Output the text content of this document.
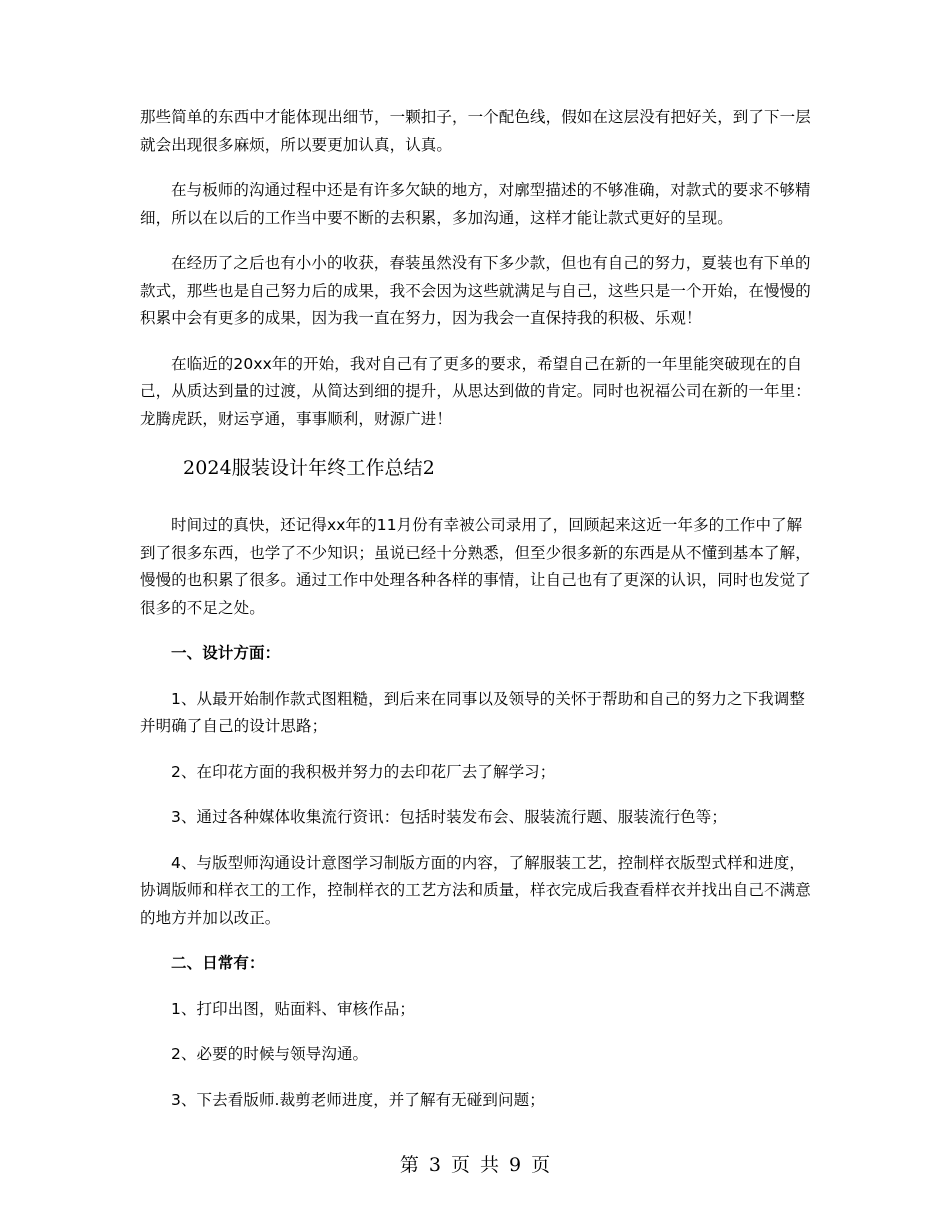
那些简单的东西中才能体现出细节，一颗扣子，一个配色线，假如在这层没有把好关，到了下一层就会出现很多麻烦，所以要更加认真，认真。

在与板师的沟通过程中还是有许多欠缺的地方，对廓型描述的不够准确，对款式的要求不够精细，所以在以后的工作当中要不断的去积累，多加沟通，这样才能让款式更好的呈现。

在经历了之后也有小小的收获，春装虽然没有下多少款，但也有自己的努力，夏装也有下单的款式，那些也是自己努力后的成果，我不会因为这些就满足与自己，这些只是一个开始，在慢慢的积累中会有更多的成果，因为我一直在努力，因为我会一直保持我的积极、乐观！

在临近的20xx年的开始，我对自己有了更多的要求，希望自己在新的一年里能突破现在的自己，从质达到量的过渡，从简达到细的提升，从思达到做的肯定。同时也祝福公司在新的一年里：龙腾虎跃，财运亨通，事事顺利，财源广进！

2024服装设计年终工作总结2

时间过的真快，还记得xx年的11月份有幸被公司录用了，回顾起来这近一年多的工作中了解到了很多东西，也学了不少知识；虽说已经十分熟悉，但至少很多新的东西是从不懂到基本了解，慢慢的也积累了很多。通过工作中处理各种各样的事情，让自己也有了更深的认识，同时也发觉了很多的不足之处。

一、设计方面：

1、从最开始制作款式图粗糙，到后来在同事以及领导的关怀于帮助和自己的努力之下我调整并明确了自己的设计思路；

2、在印花方面的我积极并努力的去印花厂去了解学习；

3、通过各种媒体收集流行资讯：包括时装发布会、服装流行题、服装流行色等；

4、与版型师沟通设计意图学习制版方面的内容，了解服装工艺，控制样衣版型式样和进度，协调版师和样衣工的工作，控制样衣的工艺方法和质量，样衣完成后我查看样衣并找出自己不满意的地方并加以改正。

二、日常有：

1、打印出图，贴面料、审核作品；

2、必要的时候与领导沟通。

3、下去看版师.裁剪老师进度，并了解有无碰到问题；

第 3 页 共 9 页
